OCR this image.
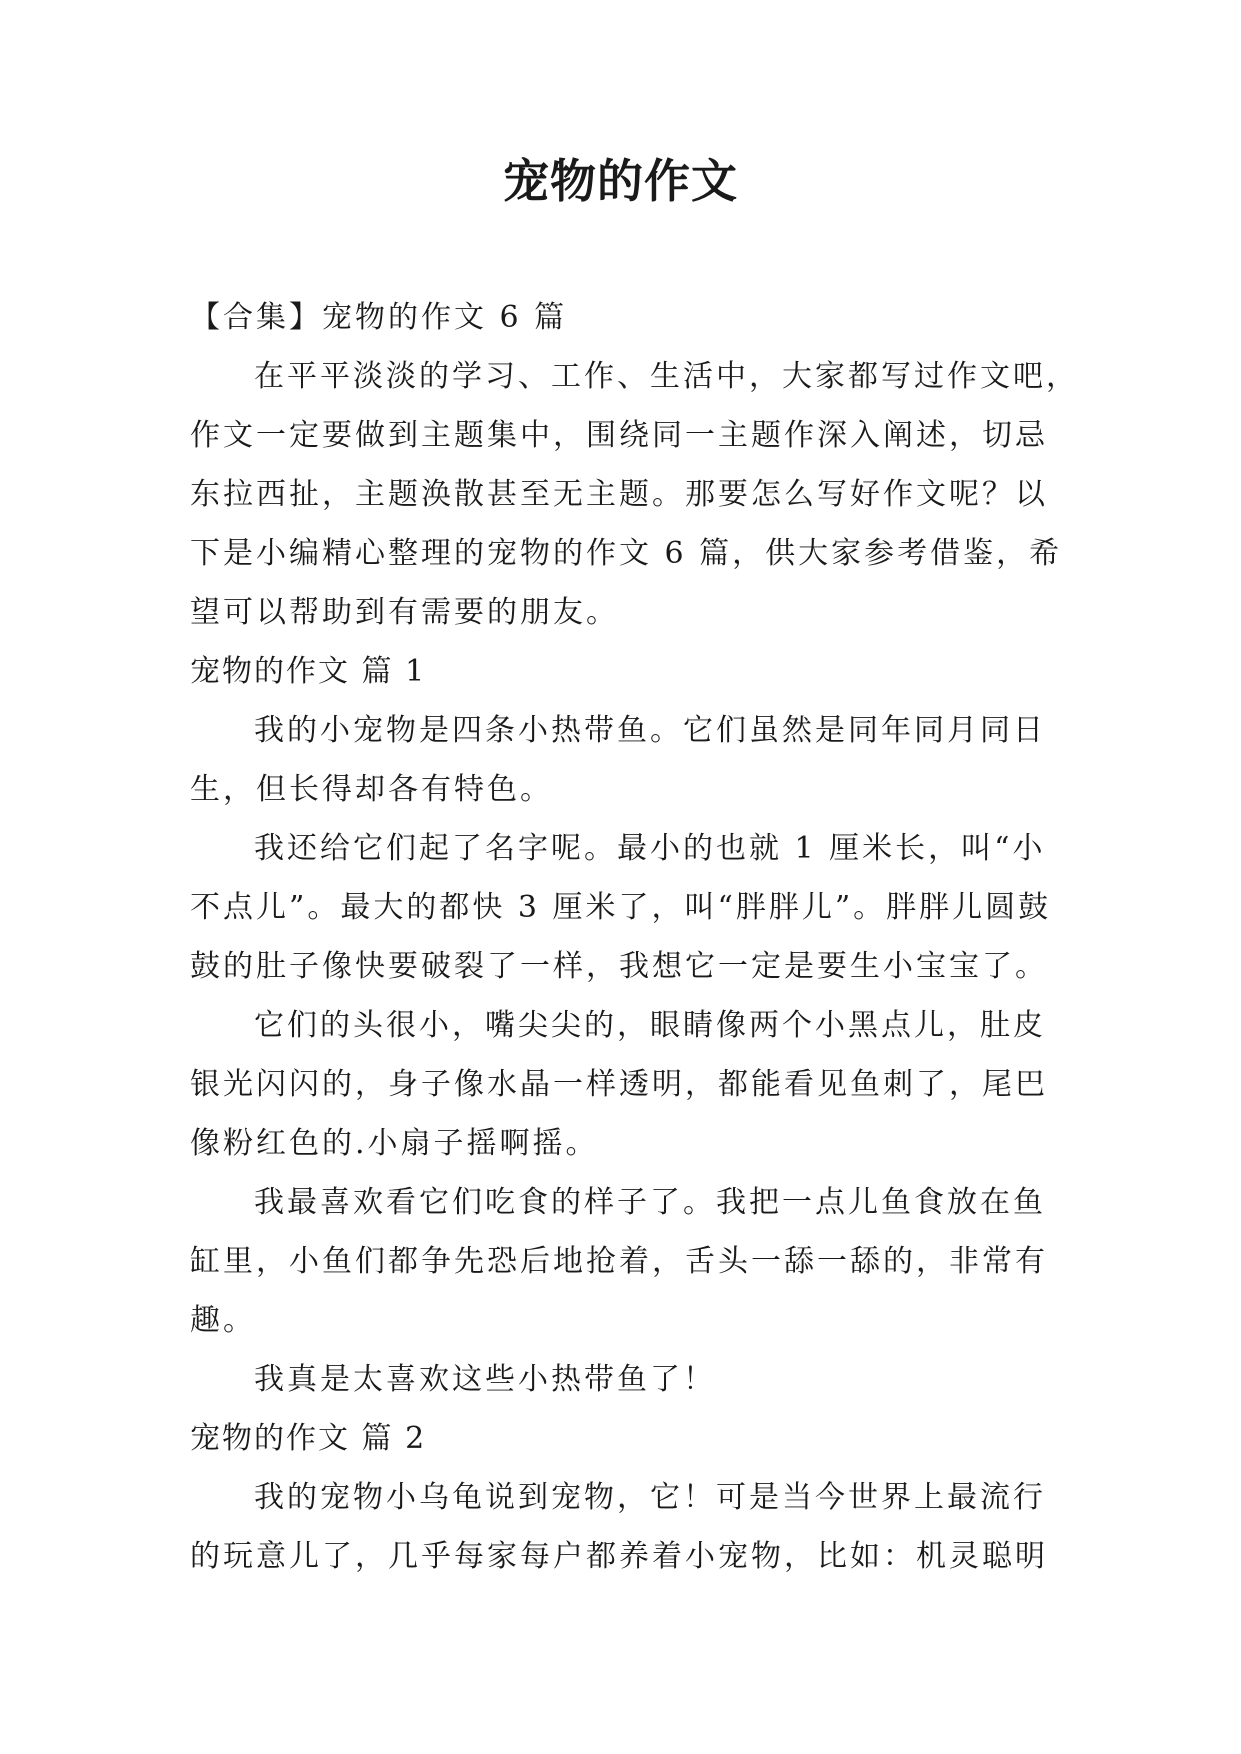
宠物的作文

【合集】宠物的作文 6 篇

在平平淡淡的学习、工作、生活中，大家都写过作文吧，

作文一定要做到主题集中，围绕同一主题作深入阐述，切忌

东拉西扯，主题涣散甚至无主题。那要怎么写好作文呢？以

下是小编精心整理的宠物的作文 6 篇，供大家参考借鉴，希

望可以帮助到有需要的朋友。

宠物的作文 篇 1

我的小宠物是四条小热带鱼。它们虽然是同年同月同日

生，但长得却各有特色。

我还给它们起了名字呢。最小的也就 1 厘米长，叫“小

不点儿”。最大的都快 3 厘米了，叫“胖胖儿”。胖胖儿圆鼓

鼓的肚子像快要破裂了一样，我想它一定是要生小宝宝了。

它们的头很小，嘴尖尖的，眼睛像两个小黑点儿，肚皮

银光闪闪的，身子像水晶一样透明，都能看见鱼刺了，尾巴

像粉红色的.小扇子摇啊摇。

我最喜欢看它们吃食的样子了。我把一点儿鱼食放在鱼

缸里，小鱼们都争先恐后地抢着，舌头一舔一舔的，非常有

趣。

我真是太喜欢这些小热带鱼了！

宠物的作文 篇 2

我的宠物小乌龟说到宠物，它！可是当今世界上最流行

的玩意儿了，几乎每家每户都养着小宠物，比如：机灵聪明
